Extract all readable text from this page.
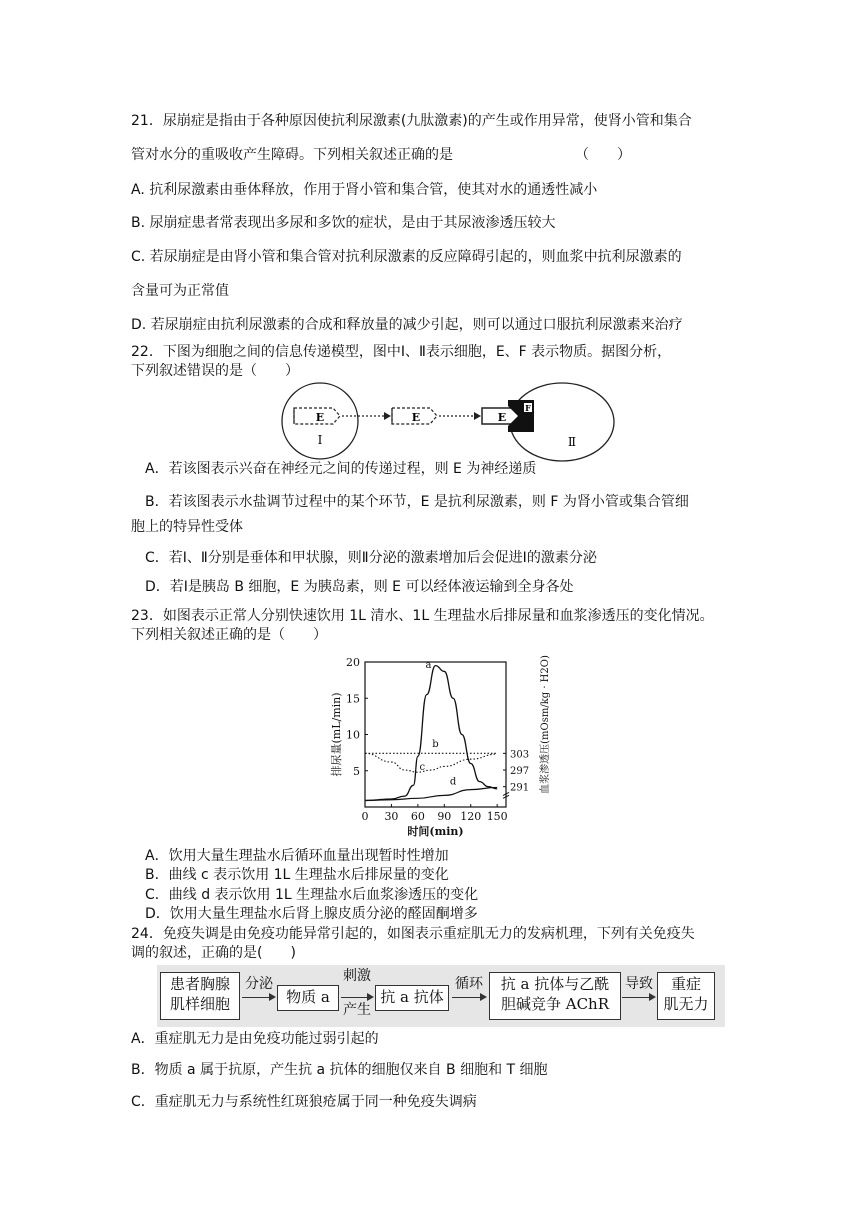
21．尿崩症是指由于各种原因使抗利尿激素(九肽激素)的产生或作用异常，使肾小管和集合
管对水分的重吸收产生障碍。下列相关叙述正确的是	（　　）
A. 抗利尿激素由垂体释放，作用于肾小管和集合管，使其对水的通透性减小
B. 尿崩症患者常表现出多尿和多饮的症状，是由于其尿液渗透压较大
C. 若尿崩症是由肾小管和集合管对抗利尿激素的反应障碍引起的，则血浆中抗利尿激素的
含量可为正常值
D. 若尿崩症由抗利尿激素的合成和释放量的减少引起，则可以通过口服抗利尿激素来治疗
22．下图为细胞之间的信息传递模型，图中Ⅰ、Ⅱ表示细胞，E、F 表示物质。据图分析，
下列叙述错误的是（　　）
E
Ⅰ
E	E
F
Ⅱ
A．若该图表示兴奋在神经元之间的传递过程，则 E 为神经递质
B．若该图表示水盐调节过程中的某个环节，E 是抗利尿激素，则 F 为肾小管或集合管细
胞上的特异性受体
C．若Ⅰ、Ⅱ分别是垂体和甲状腺，则Ⅱ分泌的激素增加后会促进Ⅰ的激素分泌
D．若Ⅰ是胰岛 B 细胞，E 为胰岛素，则 E 可以经体液运输到全身各处
23．如图表示正常人分别快速饮用 1L 清水、1L 生理盐水后排尿量和血浆渗透压的变化情况。
下列相关叙述正确的是（　　）
0 30 60 90 120 150
5
10
15
20
303
297
291
时间(min)
排尿量(mL/min)	血浆渗透压(mOsm/kg · H2O)
a
b
c
d
A．饮用大量生理盐水后循环血量出现暂时性增加
B．曲线 c 表示饮用 1L 生理盐水后排尿量的变化
C．曲线 d 表示饮用 1L 生理盐水后血浆渗透压的变化
D．饮用大量生理盐水后肾上腺皮质分泌的醛固酮增多
24．免疫失调是由免疫功能异常引起的，如图表示重症肌无力的发病机理，下列有关免疫失
调的叙述，正确的是(　　)
患者胸腺
肌样细胞
分泌
物质 a
刺激
产生
抗 a 抗体
循环	抗 a 抗体与乙酰
胆碱竞争 AChR
导致	重症
肌无力
A．重症肌无力是由免疫功能过弱引起的
B．物质 a 属于抗原，产生抗 a 抗体的细胞仅来自 B 细胞和 T 细胞
C．重症肌无力与系统性红斑狼疮属于同一种免疫失调病
